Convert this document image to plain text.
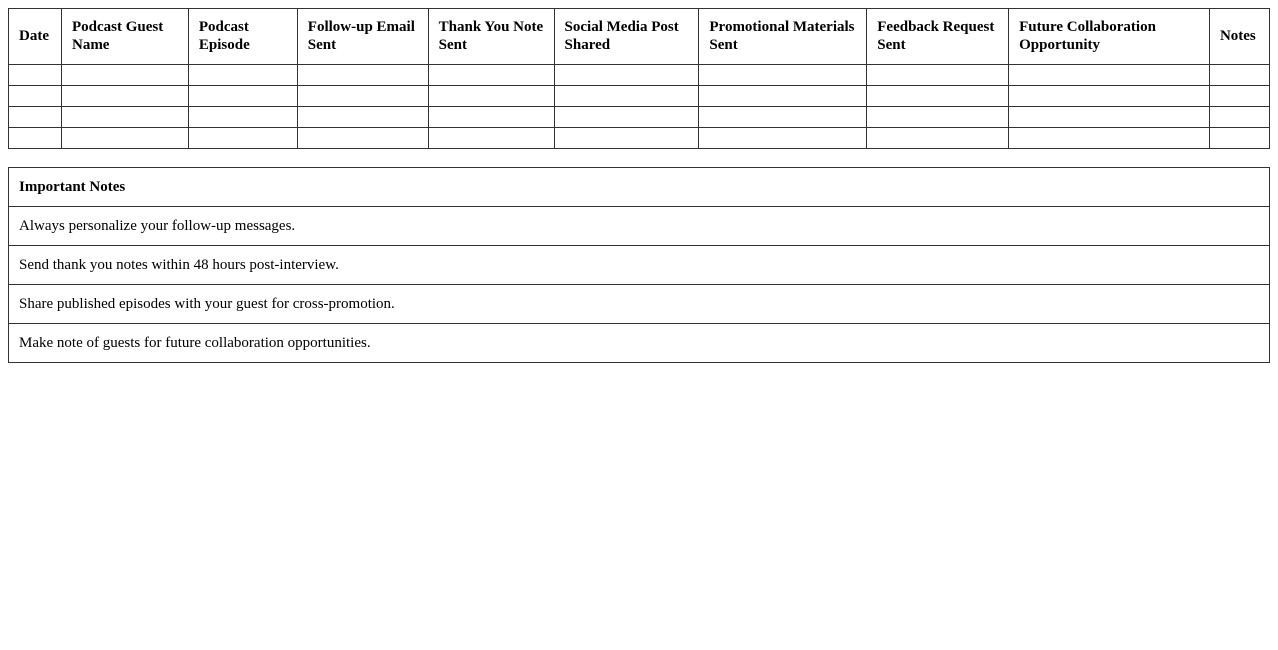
Date	Podcast Guest Name	Podcast Episode	Follow-up Email Sent	Thank You Note Sent	Social Media Post Shared	Promotional Materials Sent	Feedback Request Sent	Future Collaboration Opportunity	Notes

Important Notes
Always personalize your follow-up messages.
Send thank you notes within 48 hours post-interview.
Share published episodes with your guest for cross-promotion.
Make note of guests for future collaboration opportunities.
